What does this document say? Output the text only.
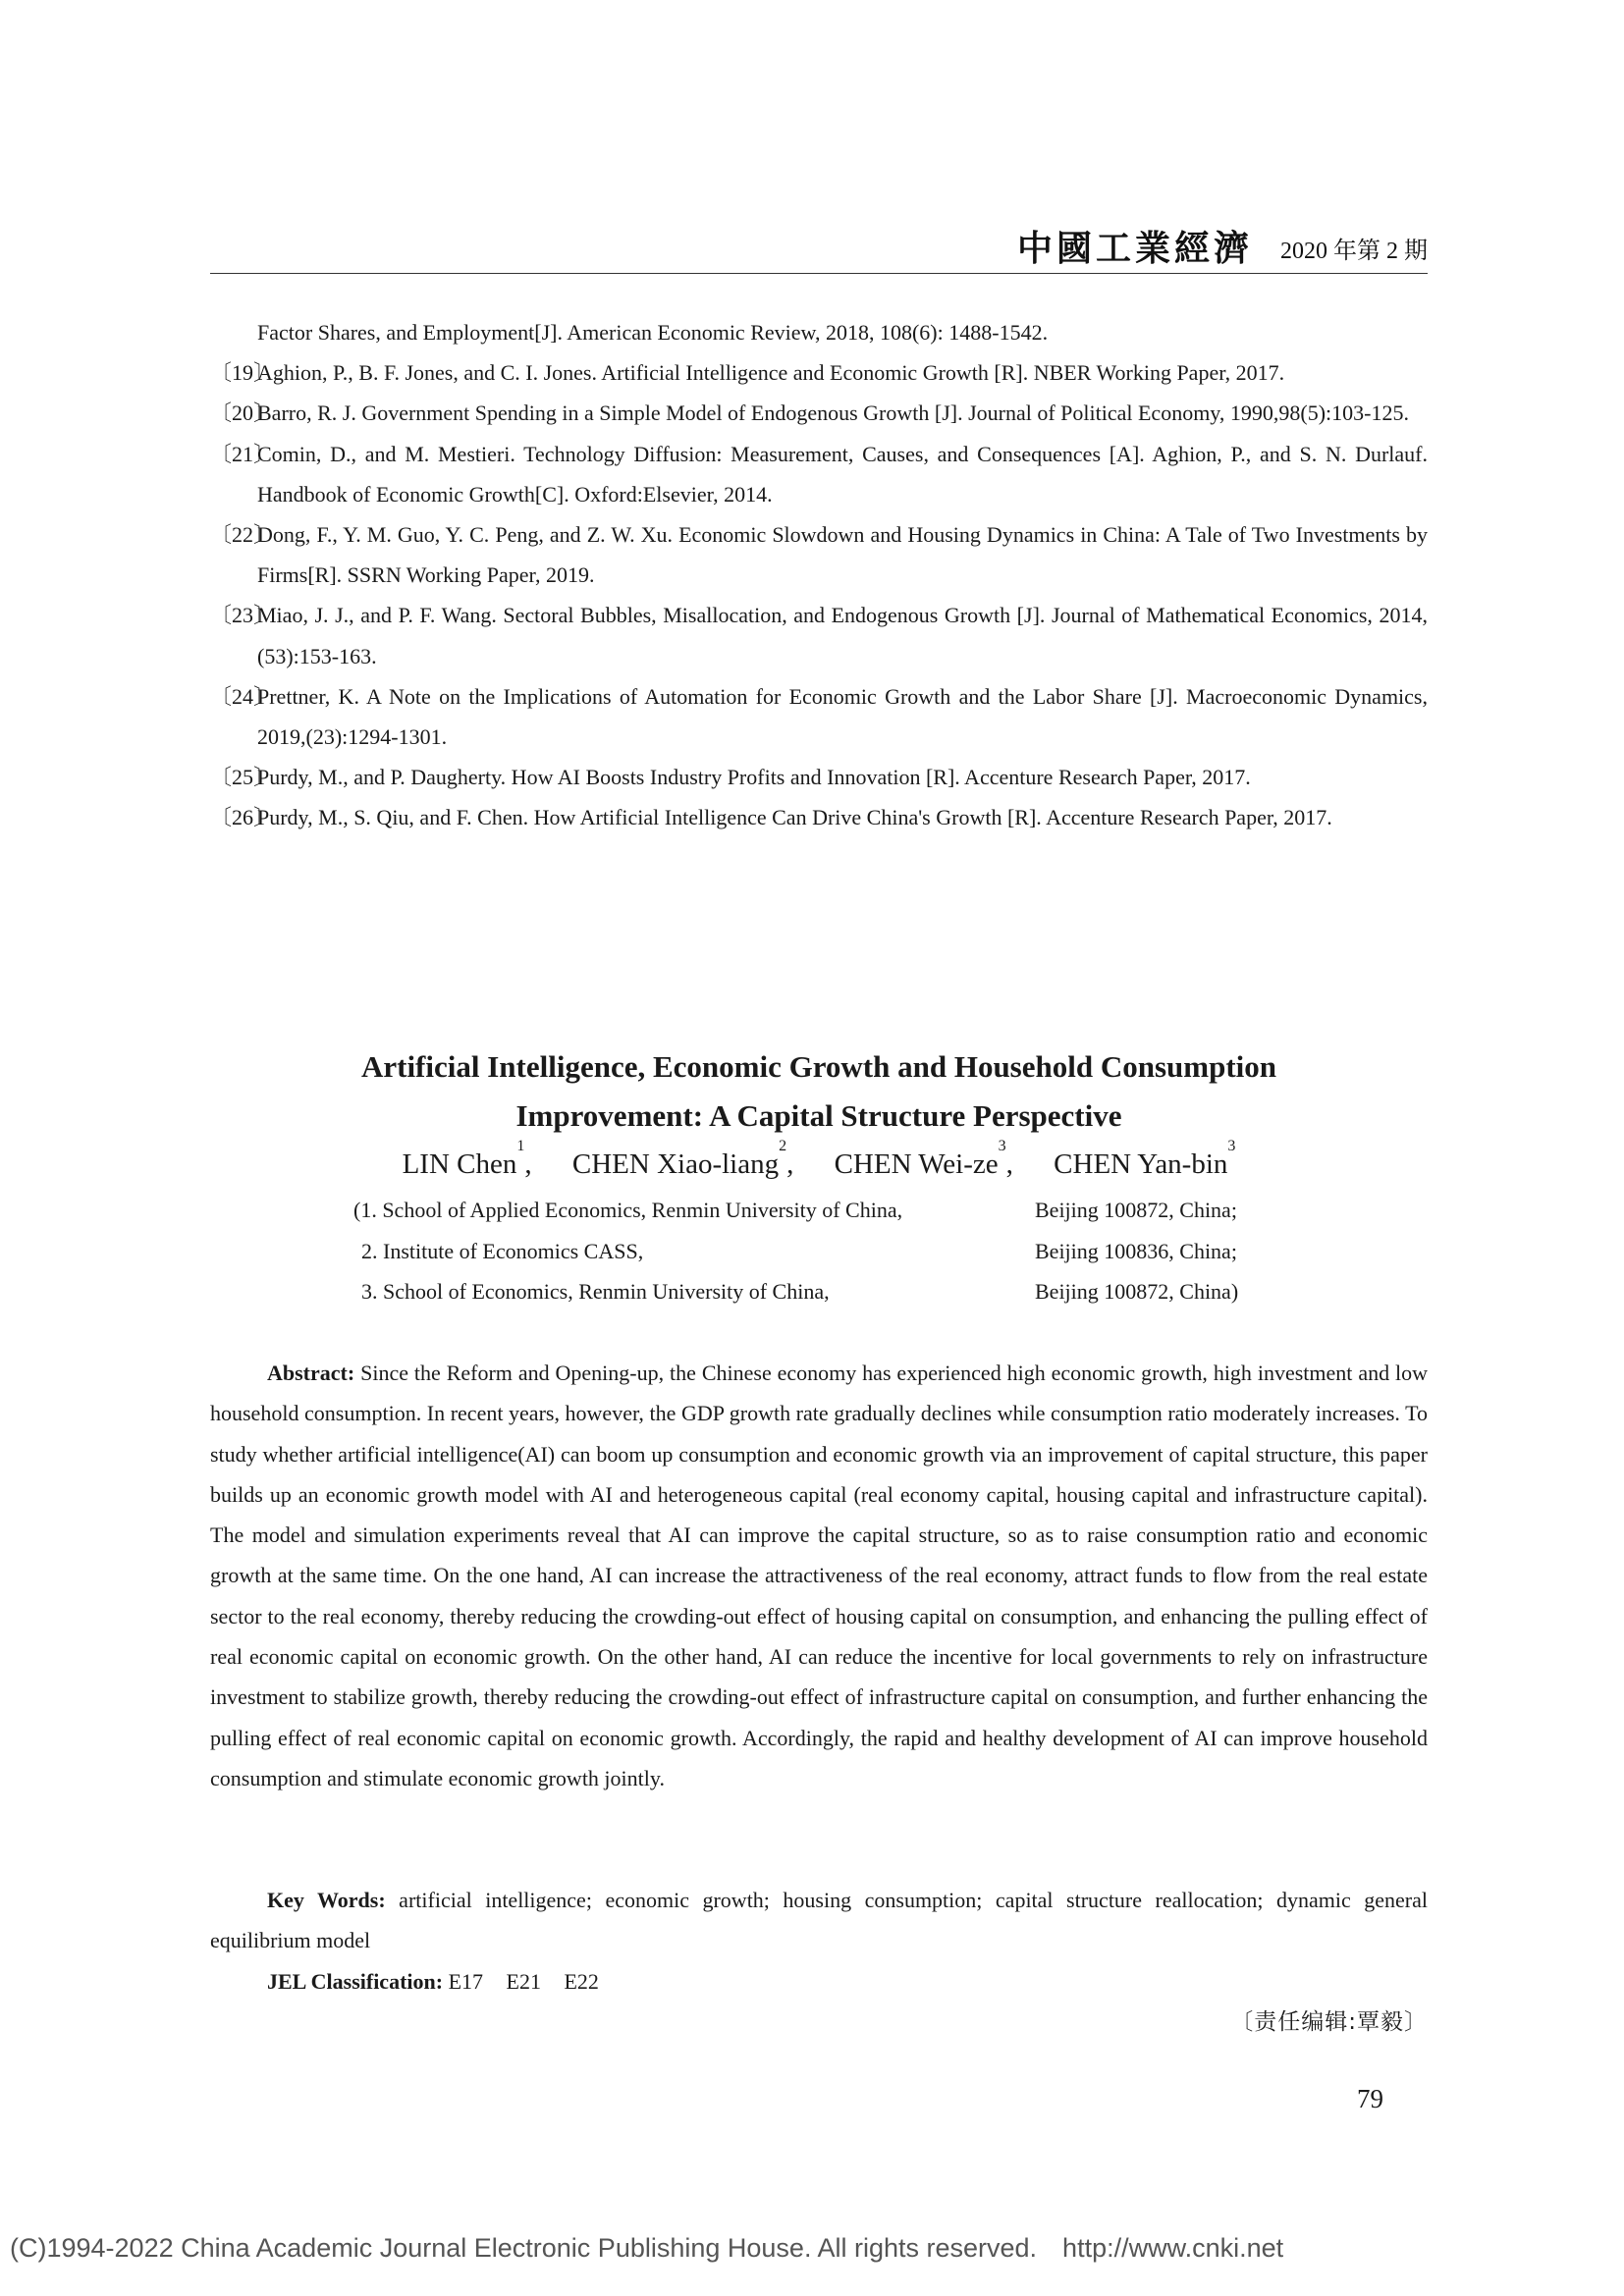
中國工業經濟 2020 年第 2 期
Factor Shares, and Employment[J]. American Economic Review, 2018, 108(6): 1488-1542.
〔19〕
Aghion, P., B. F. Jones, and C. I. Jones. Artificial Intelligence and Economic Growth [R]. NBER Working Paper, 2017.
〔20〕
Barro, R. J. Government Spending in a Simple Model of Endogenous Growth [J]. Journal of Political Economy, 1990,98(5):103-125.
〔21〕
Comin, D., and M. Mestieri. Technology Diffusion: Measurement, Causes, and Consequences [A]. Aghion, P., and S. N. Durlauf. Handbook of Economic Growth[C]. Oxford:Elsevier, 2014.
〔22〕
Dong, F., Y. M. Guo, Y. C. Peng, and Z. W. Xu. Economic Slowdown and Housing Dynamics in China: A Tale of Two Investments by Firms[R]. SSRN Working Paper, 2019.
〔23〕
Miao, J. J., and P. F. Wang. Sectoral Bubbles, Misallocation, and Endogenous Growth [J]. Journal of Mathematical Economics, 2014,(53):153-163.
〔24〕
Prettner, K. A Note on the Implications of Automation for Economic Growth and the Labor Share [J]. Macroeconomic Dynamics, 2019,(23):1294-1301.
〔25〕
Purdy, M., and P. Daugherty. How AI Boosts Industry Profits and Innovation [R]. Accenture Research Paper, 2017.
〔26〕
Purdy, M., S. Qiu, and F. Chen. How Artificial Intelligence Can Drive China's Growth [R]. Accenture Research Paper, 2017.
Artificial Intelligence, Economic Growth and Household Consumption
Improvement: A Capital Structure Perspective
LIN Chen$^1$, CHEN Xiao-liang$^2$, CHEN Wei-$ze^3$, CHEN Yan-bin$^3$
(1. School of Applied Economics, Renmin University of China,	Beijing 100872, China;
2. Institute of Economics CASS,	Beijing 100836, China;
3. School of Economics, Renmin University of China,	Beijing 100872, China)
Abstract: Since the Reform and Opening-up, the Chinese economy has experienced high economic growth, high investment and low household consumption. In recent years, however, the GDP growth rate gradually declines while consumption ratio moderately increases. To study whether artificial intelligence(AI) can boom up consumption and economic growth via an improvement of capital structure, this paper builds up an economic growth model with AI and heterogeneous capital (real economy capital, housing capital and infrastructure capital). The model and simulation experiments reveal that AI can improve the capital structure, so as to raise consumption ratio and economic growth at the same time. On the one hand, AI can increase the attractiveness of the real economy, attract funds to flow from the real estate sector to the real economy, thereby reducing the crowding-out effect of housing capital on consumption, and enhancing the pulling effect of real economic capital on economic growth. On the other hand, AI can reduce the incentive for local governments to rely on infrastructure investment to stabilize growth, thereby reducing the crowding-out effect of infrastructure capital on consumption, and further enhancing the pulling effect of real economic capital on economic growth. Accordingly, the rapid and healthy development of AI can improve household consumption and stimulate economic growth jointly.
Key Words: artificial intelligence; economic growth; housing consumption; capital structure reallocation; dynamic general equilibrium model
JEL Classification: E17 E21 E22
〔责任编辑:覃毅〕
79
(C)1994-2022 China Academic Journal Electronic Publishing House. All rights reserved. http://www.cnki.net
